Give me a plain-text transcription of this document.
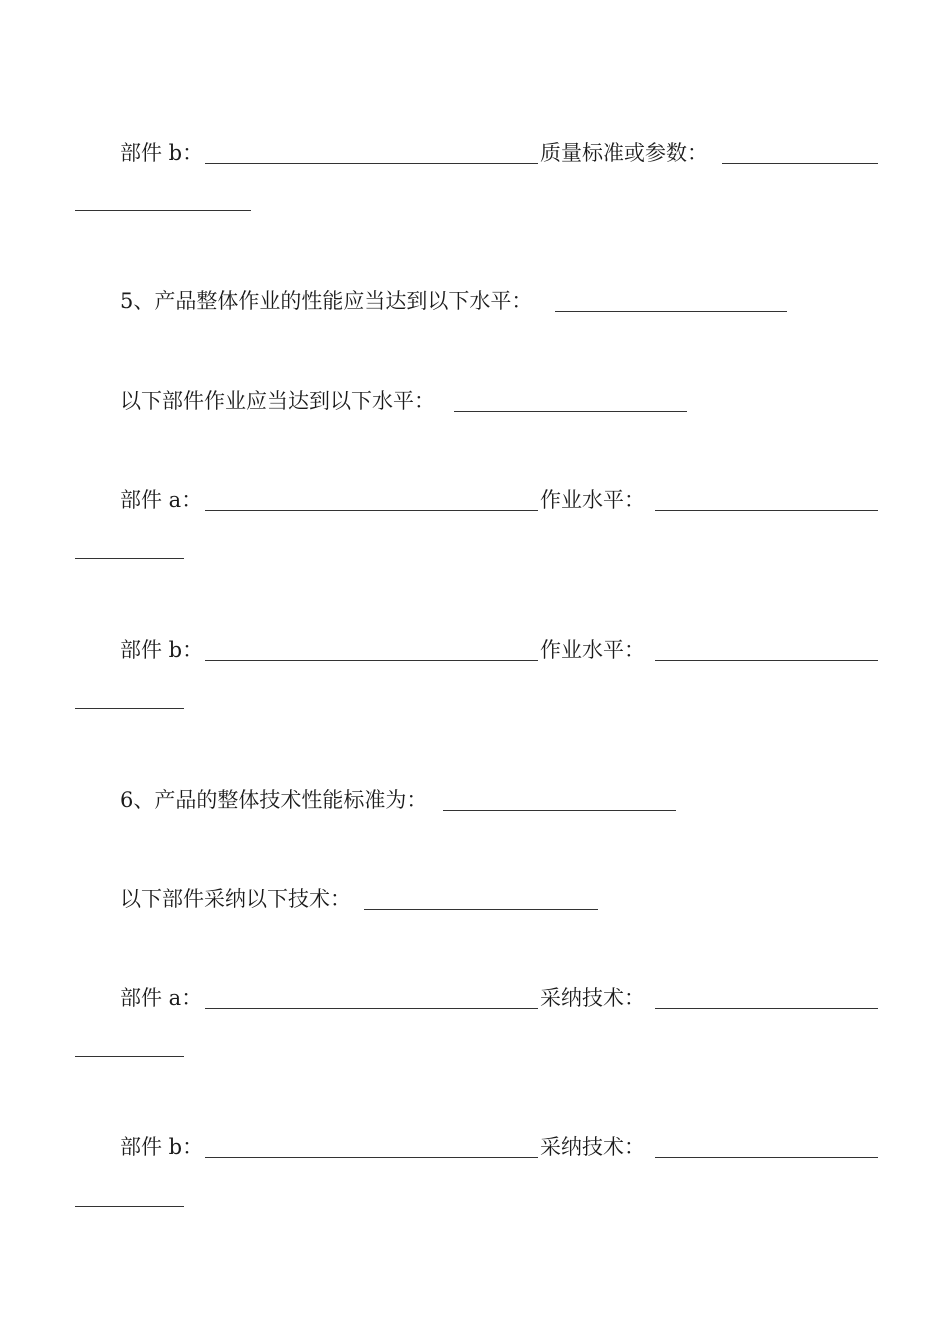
部件 b：	质量标准或参数：
5、产品整体作业的性能应当达到以下水平：
以下部件作业应当达到以下水平：
部件 a：	作业水平：
部件 b：	作业水平：
6、产品的整体技术性能标准为：
以下部件采纳以下技术：
部件 a：	采纳技术：
部件 b：	采纳技术：
